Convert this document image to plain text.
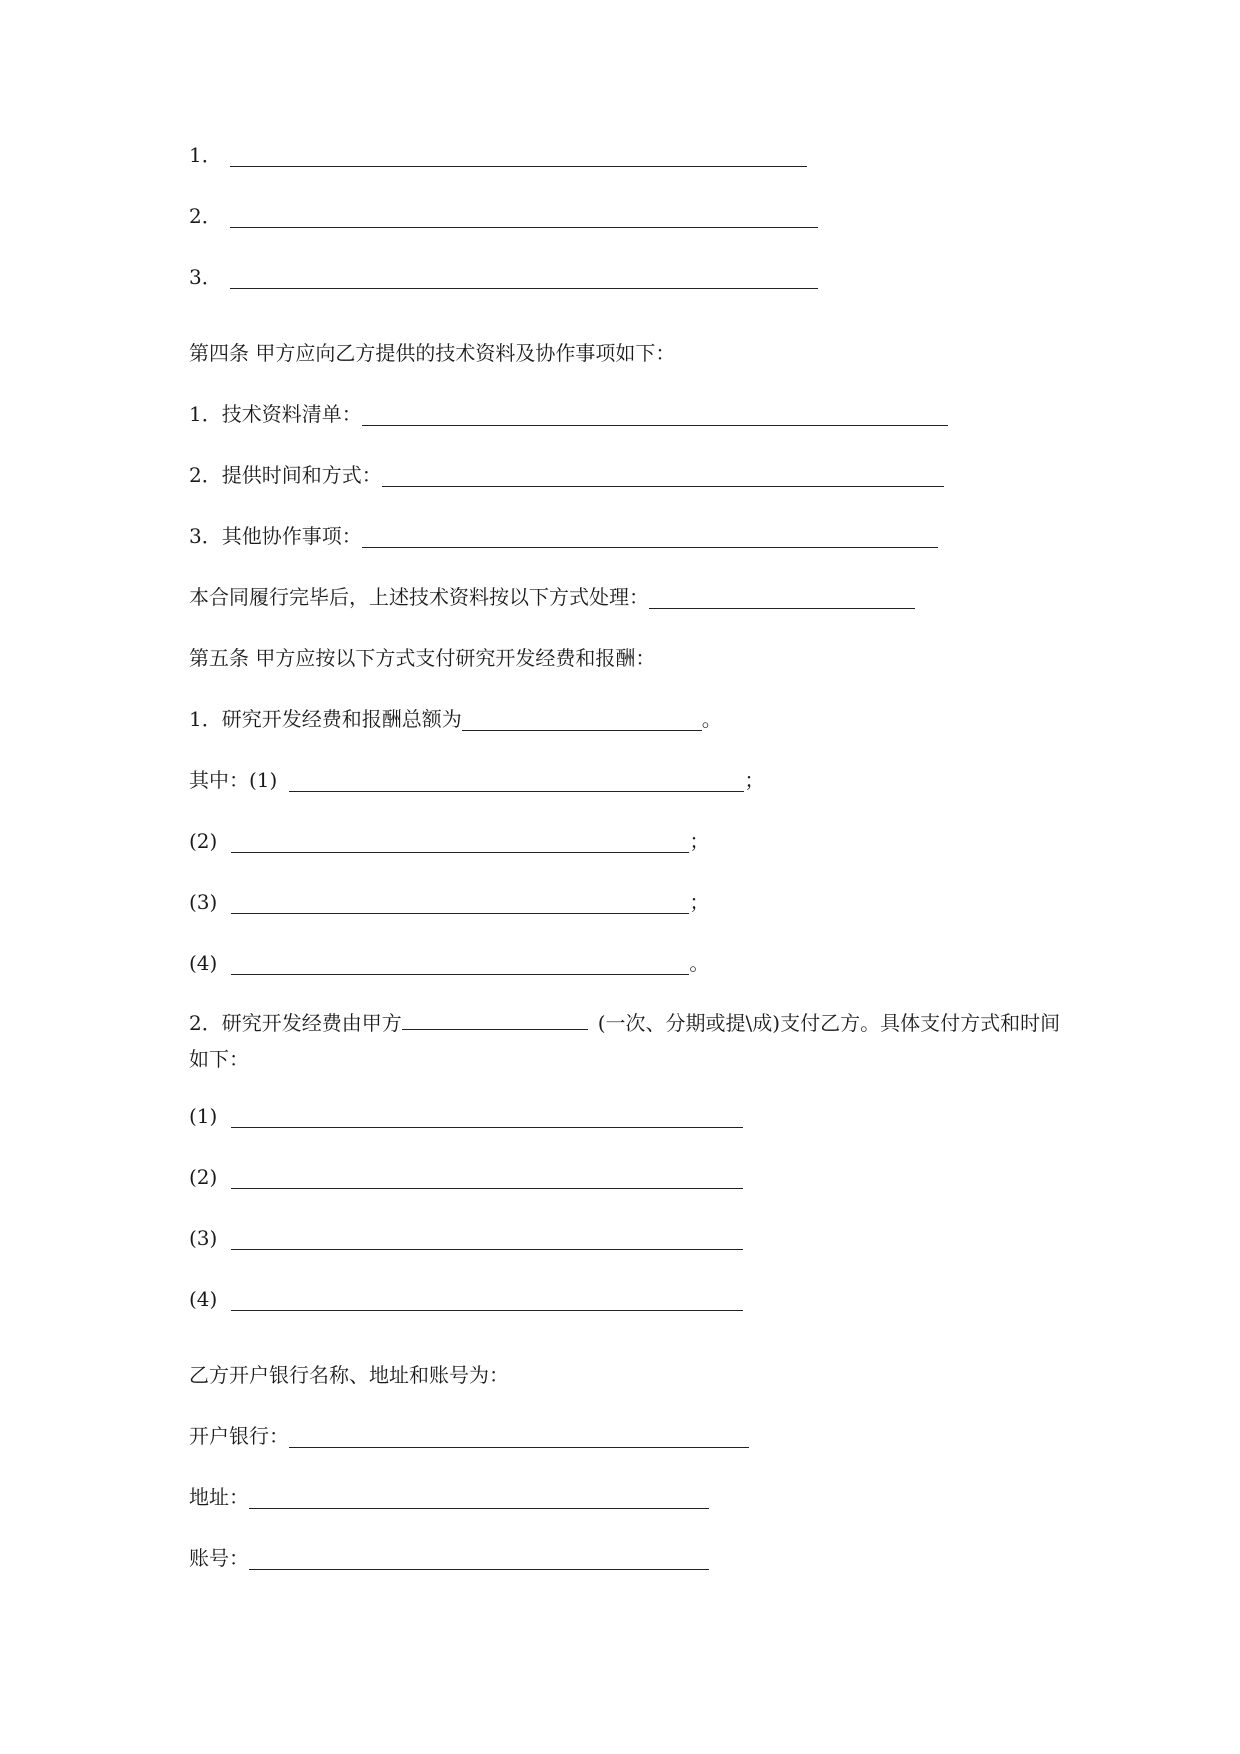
1．
2．
3．
第四条 甲方应向乙方提供的技术资料及协作事项如下：
1．技术资料清单：
2．提供时间和方式：
3．其他协作事项：
本合同履行完毕后，上述技术资料按以下方式处理：
第五条 甲方应按以下方式支付研究开发经费和报酬：
1．研究开发经费和报酬总额为	。
其中：(1)	；
(2)	；
(3)	；
(4)	。
2．研究开发经费由甲方	(一次、分期或提\成)支付乙方。具体支付方式和时间如下：
(1)
(2)
(3)
(4)
乙方开户银行名称、地址和账号为：
开户银行：
地址：
账号：
